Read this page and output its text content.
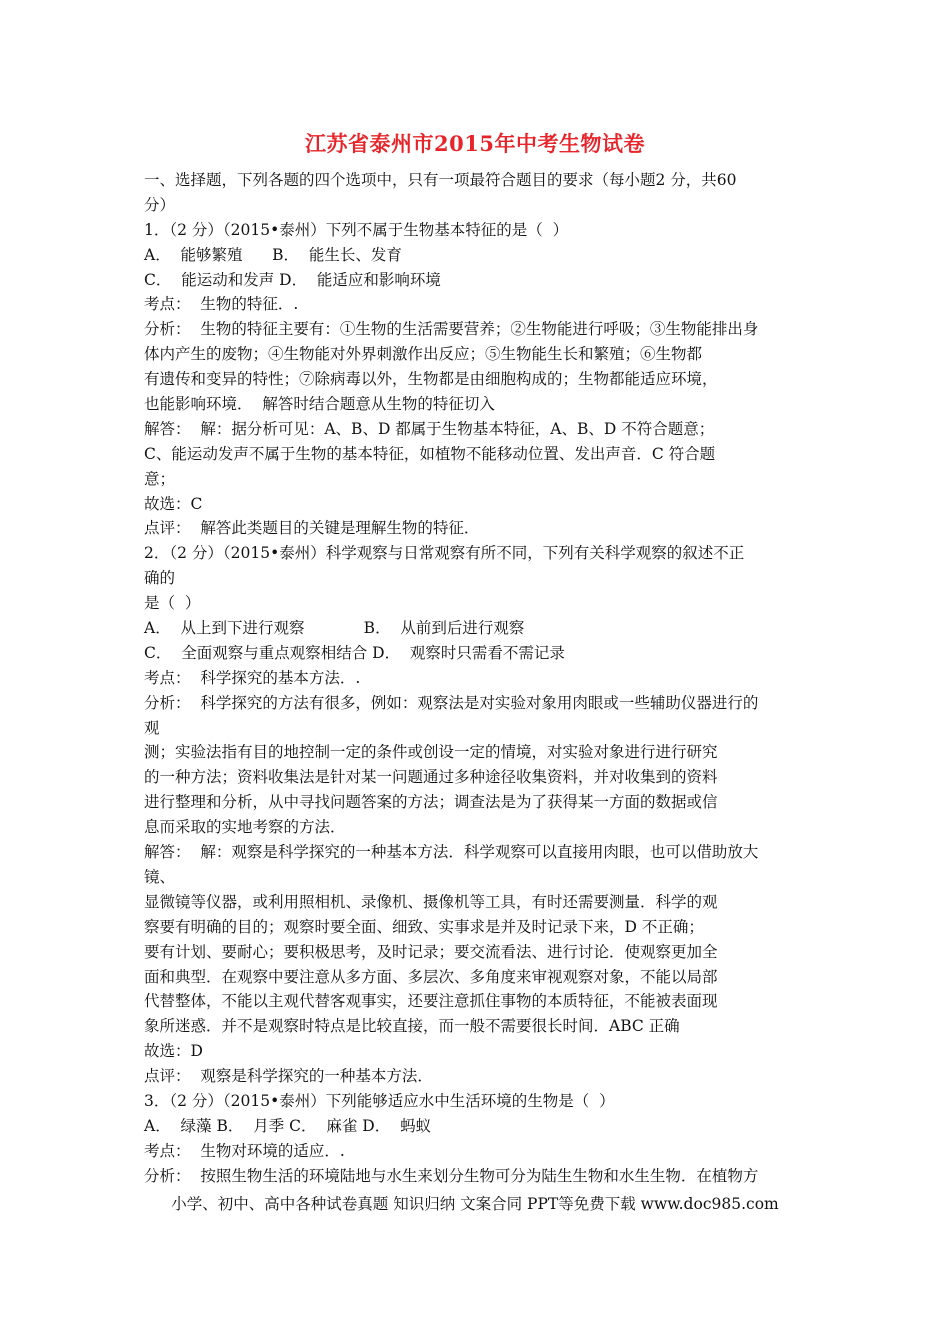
江苏省泰州市2015年中考生物试卷
一、选择题，下列各题的四个选项中，只有一项最符合题目的要求（每小题2 分，共60
分）
1．（2 分）（2015•泰州）下列不属于生物基本特征的是（  ）
A．  能够繁殖      B．  能生长、发育
C．  能运动和发声 D．  能适应和影响环境
考点：  生物的特征．.
分析：  生物的特征主要有：①生物的生活需要营养；②生物能进行呼吸；③生物能排出身
体内产生的废物；④生物能对外界刺激作出反应；⑤生物能生长和繁殖；⑥生物都
有遗传和变异的特性；⑦除病毒以外，生物都是由细胞构成的；生物都能适应环境，
也能影响环境．  解答时结合题意从生物的特征切入
解答：  解：据分析可见：A、B、D 都属于生物基本特征，A、B、D 不符合题意；
C、能运动发声不属于生物的基本特征，如植物不能移动位置、发出声音．C 符合题
意；
故选：C
点评：  解答此类题目的关键是理解生物的特征．
2．（2 分）（2015•泰州）科学观察与日常观察有所不同，下列有关科学观察的叙述不正
确的
是（  ）
A．  从上到下进行观察            B．  从前到后进行观察
C．  全面观察与重点观察相结合 D．  观察时只需看不需记录
考点：  科学探究的基本方法．.
分析：  科学探究的方法有很多，例如：观察法是对实验对象用肉眼或一些辅助仪器进行的
观
测；实验法指有目的地控制一定的条件或创设一定的情境，对实验对象进行进行研究
的一种方法；资料收集法是针对某一问题通过多种途径收集资料，并对收集到的资料
进行整理和分析，从中寻找问题答案的方法；调查法是为了获得某一方面的数据或信
息而采取的实地考察的方法．
解答：  解：观察是科学探究的一种基本方法．科学观察可以直接用肉眼，也可以借助放大
镜、
显微镜等仪器，或利用照相机、录像机、摄像机等工具，有时还需要测量．科学的观
察要有明确的目的；观察时要全面、细致、实事求是并及时记录下来，D 不正确；
要有计划、要耐心；要积极思考，及时记录；要交流看法、进行讨论．使观察更加全
面和典型．在观察中要注意从多方面、多层次、多角度来审视观察对象，不能以局部
代替整体，不能以主观代替客观事实，还要注意抓住事物的本质特征，不能被表面现
象所迷惑．并不是观察时特点是比较直接，而一般不需要很长时间．ABC 正确
故选：D
点评：  观察是科学探究的一种基本方法．
3．（2 分）（2015•泰州）下列能够适应水中生活环境的生物是（  ）
A．  绿藻 B．  月季 C．  麻雀 D．  蚂蚁
考点：  生物对环境的适应．.
分析：  按照生物生活的环境陆地与水生来划分生物可分为陆生生物和水生生物．在植物方
小学、初中、高中各种试卷真题 知识归纳 文案合同 PPT等免费下载 www.doc985.com
